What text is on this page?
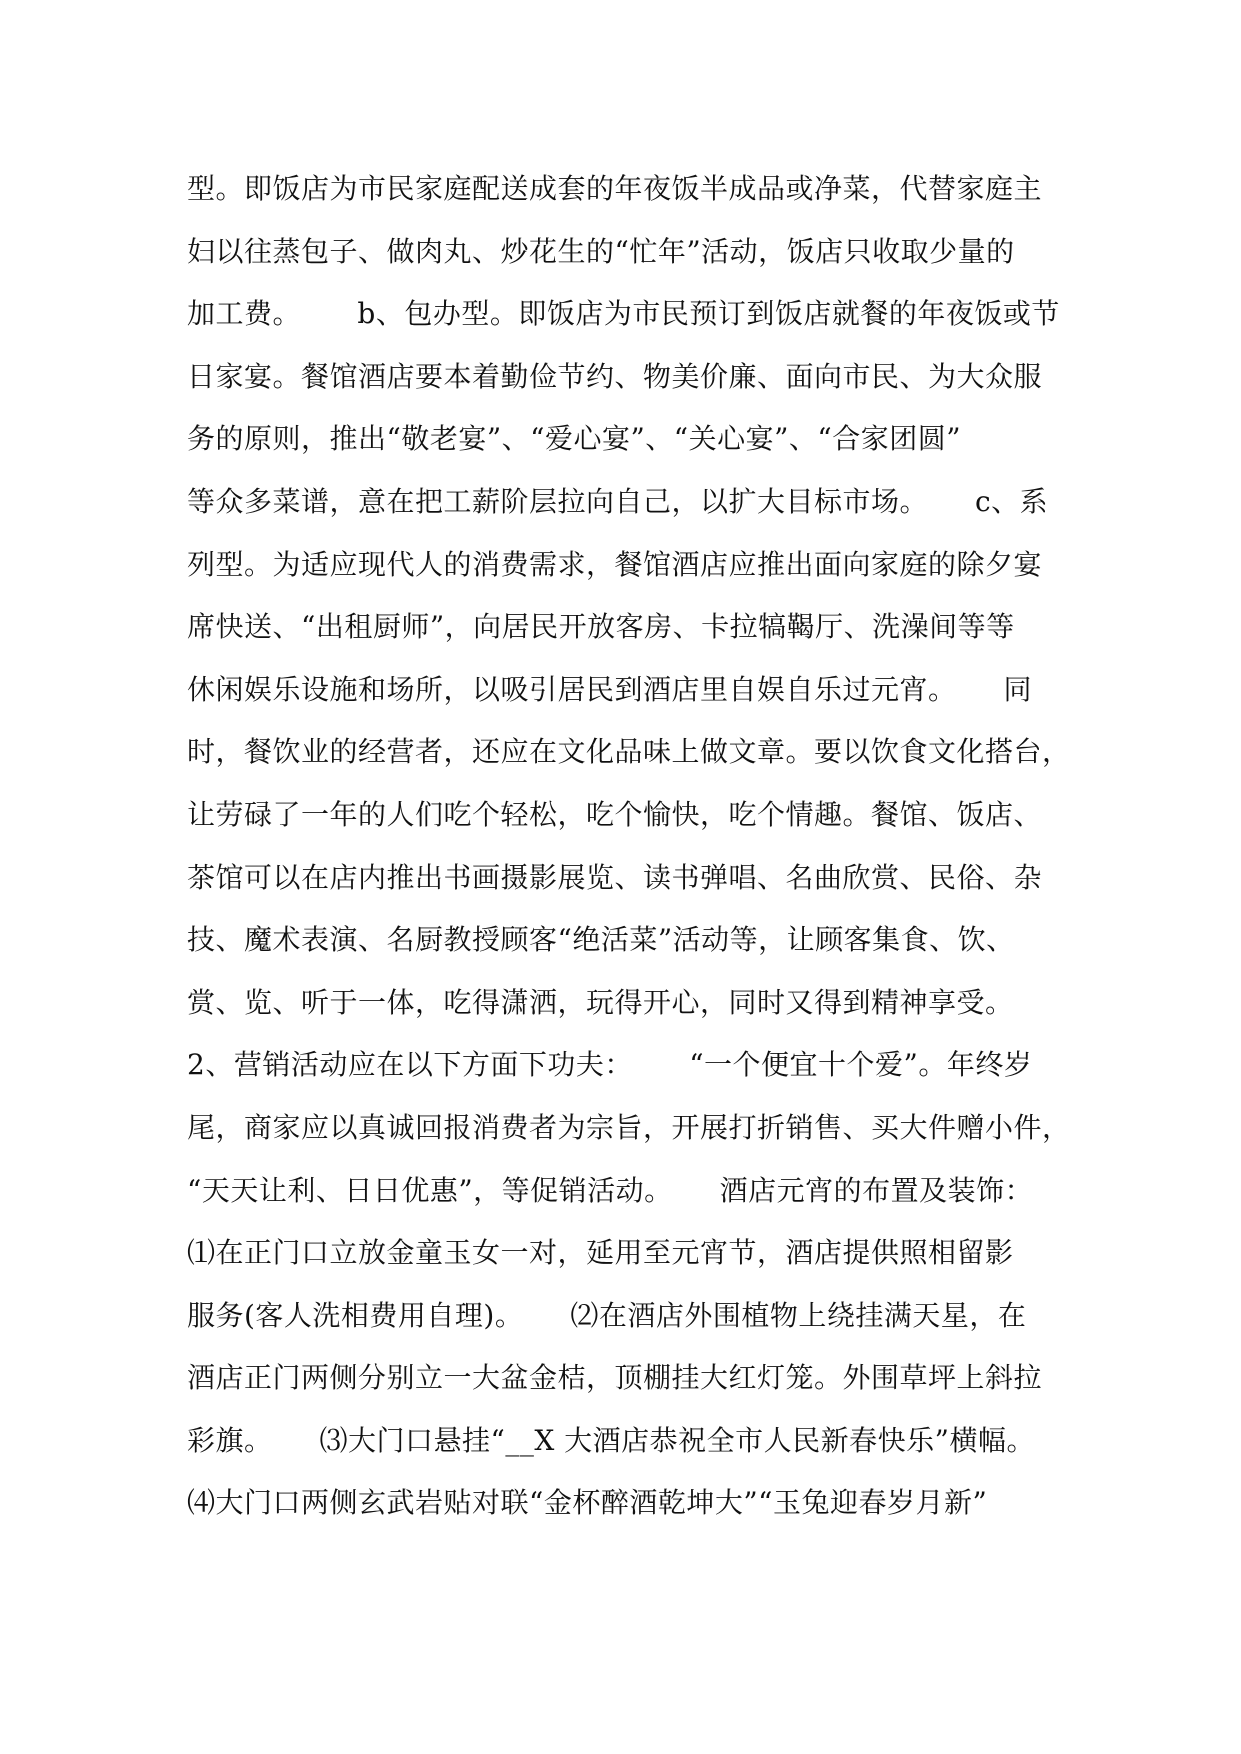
型。即饭店为市民家庭配送成套的年夜饭半成品或净菜，代替家庭主
妇以往蒸包子、做肉丸、炒花生的“忙年”活动，饭店只收取少量的
加工费。      b、包办型。即饭店为市民预订到饭店就餐的年夜饭或节
日家宴。餐馆酒店要本着勤俭节约、物美价廉、面向市民、为大众服
务的原则，推出“敬老宴”、“爱心宴”、“关心宴”、“合家团圆”
等众多菜谱，意在把工薪阶层拉向自己，以扩大目标市场。     c、系
列型。为适应现代人的消费需求，餐馆酒店应推出面向家庭的除夕宴
席快送、“出租厨师”，向居民开放客房、卡拉犒鞨厅、洗澡间等等
休闲娱乐设施和场所，以吸引居民到酒店里自娱自乐过元宵。     同
时，餐饮业的经营者，还应在文化品味上做文章。要以饮食文化搭台，
让劳碌了一年的人们吃个轻松，吃个愉快，吃个情趣。餐馆、饭店、
茶馆可以在店内推出书画摄影展览、读书弹唱、名曲欣赏、民俗、杂
技、魔术表演、名厨教授顾客“绝活菜”活动等，让顾客集食、饮、
赏、览、听于一体，吃得潇洒，玩得开心，同时又得到精神享受。
2、营销活动应在以下方面下功夫：      “一个便宜十个爱”。年终岁
尾，商家应以真诚回报消费者为宗旨，开展打折销售、买大件赠小件，
“天天让利、日日优惠”，等促销活动。     酒店元宵的布置及装饰：
⑴在正门口立放金童玉女一对，延用至元宵节，酒店提供照相留影
服务(客人洗相费用自理)。     ⑵在酒店外围植物上绕挂满天星，在
酒店正门两侧分别立一大盆金桔，顶棚挂大红灯笼。外围草坪上斜拉
彩旗。     ⑶大门口悬挂“__X 大酒店恭祝全市人民新春快乐”横幅。
⑷大门口两侧玄武岩贴对联“金杯醉酒乾坤大”“玉兔迎春岁月新”
